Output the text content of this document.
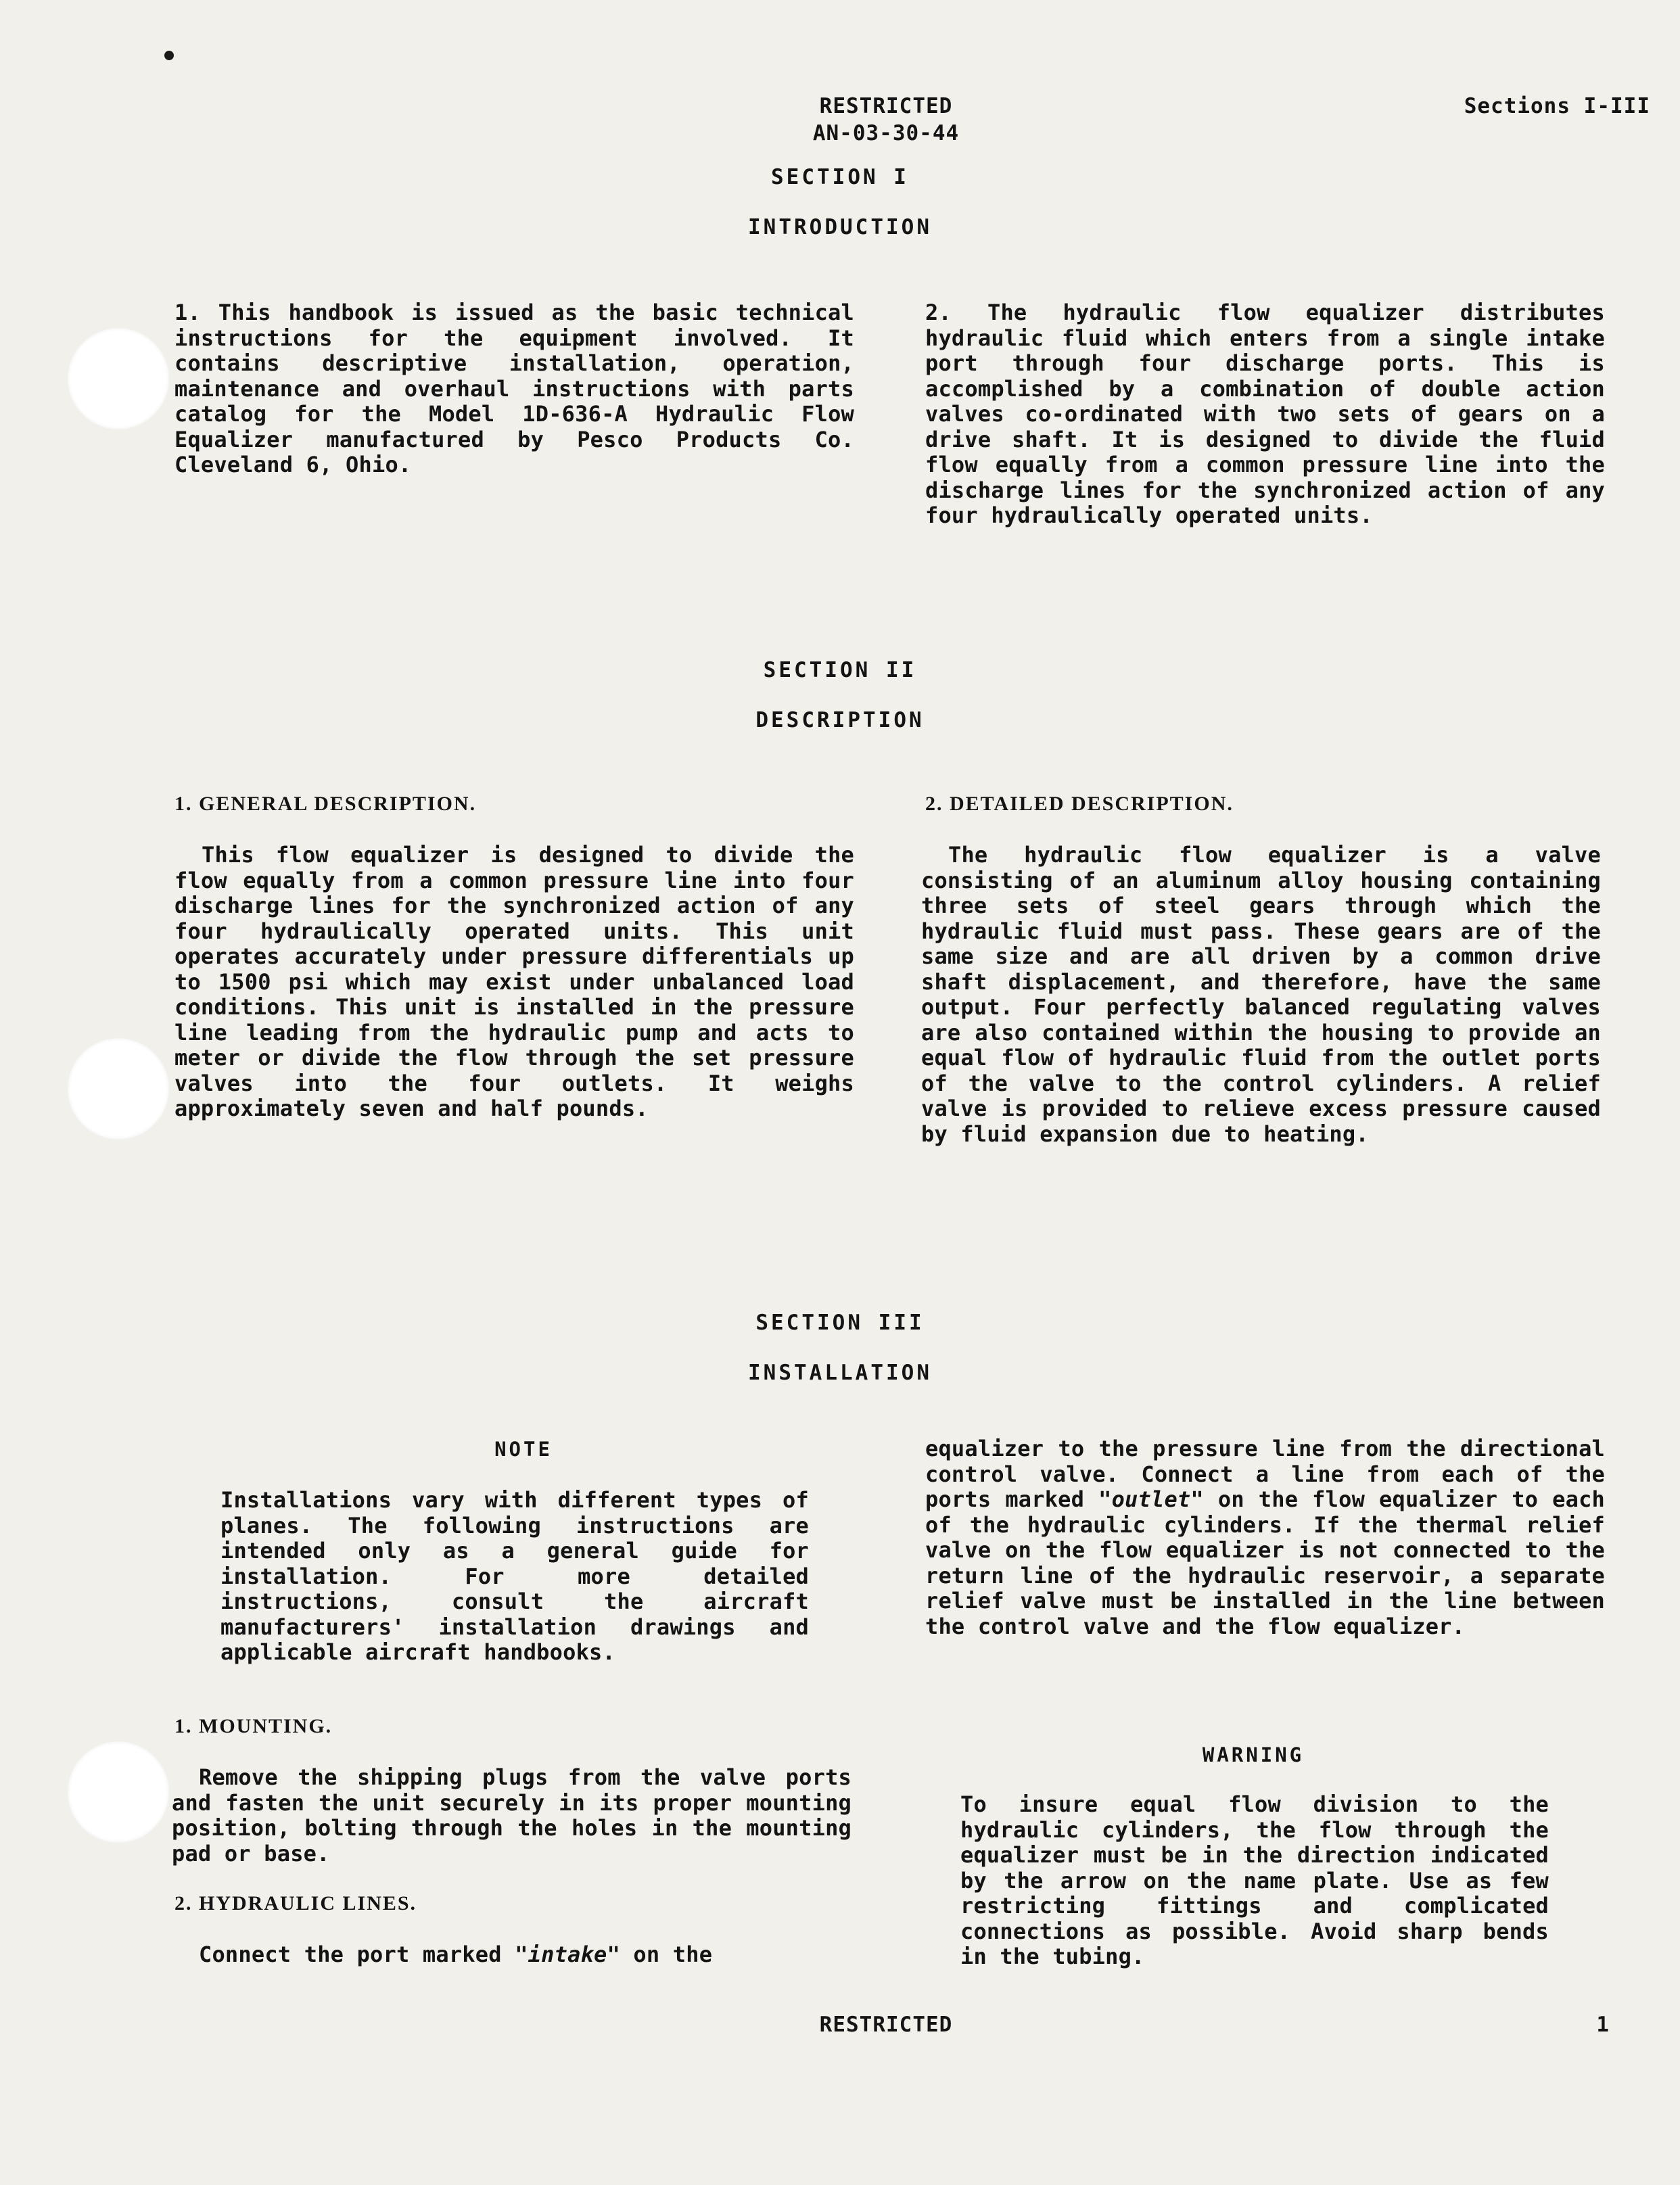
RESTRICTED
AN-03-30-44
Sections I-III
SECTION I
INTRODUCTION

1. This handbook is issued as the basic technical instructions for the equipment involved. It contains descriptive installation, operation, maintenance and overhaul instructions with parts catalog for the Model 1D-636-A Hydraulic Flow Equalizer manufactured by Pesco Products Co. Cleveland 6, Ohio.

2. The hydraulic flow equalizer distributes hydraulic fluid which enters from a single intake port through four discharge ports. This is accomplished by a combination of double action valves co-ordinated with two sets of gears on a drive shaft. It is designed to divide the fluid flow equally from a common pressure line into the discharge lines for the synchronized action of any four hydraulically operated units.

SECTION II
DESCRIPTION
1. GENERAL DESCRIPTION.

This flow equalizer is designed to divide the flow equally from a common pressure line into four discharge lines for the synchronized action of any four hydraulically operated units. This unit operates accurately under pressure differentials up to 1500 psi which may exist under unbalanced load conditions. This unit is installed in the pressure line leading from the hydraulic pump and acts to meter or divide the flow through the set pressure valves into the four outlets. It weighs approximately seven and half pounds.

2. DETAILED DESCRIPTION.

The hydraulic flow equalizer is a valve consisting of an aluminum alloy housing containing three sets of steel gears through which the hydraulic fluid must pass. These gears are of the same size and are all driven by a common drive shaft displacement, and therefore, have the same output. Four perfectly balanced regulating valves are also contained within the housing to provide an equal flow of hydraulic fluid from the outlet ports of the valve to the control cylinders. A relief valve is provided to relieve excess pressure caused by fluid expansion due to heating.

SECTION III
INSTALLATION
NOTE

Installations vary with different types of planes. The following instructions are intended only as a general guide for installation. For more detailed instructions, consult the aircraft manufacturers' installation drawings and applicable aircraft handbooks.

1. MOUNTING.

Remove the shipping plugs from the valve ports and fasten the unit securely in its proper mounting position, bolting through the holes in the mounting pad or base.

2. HYDRAULIC LINES.

Connect the port marked "intake" on the

equalizer to the pressure line from the directional control valve. Connect a line from each of the ports marked "outlet" on the flow equalizer to each of the hydraulic cylinders. If the thermal relief valve on the flow equalizer is not connected to the return line of the hydraulic reservoir, a separate relief valve must be installed in the line between the control valve and the flow equalizer.

WARNING

To insure equal flow division to the hydraulic cylinders, the flow through the equalizer must be in the direction indicated by the arrow on the name plate. Use as few restricting fittings and complicated connections as possible. Avoid sharp bends in the tubing.

RESTRICTED	1
